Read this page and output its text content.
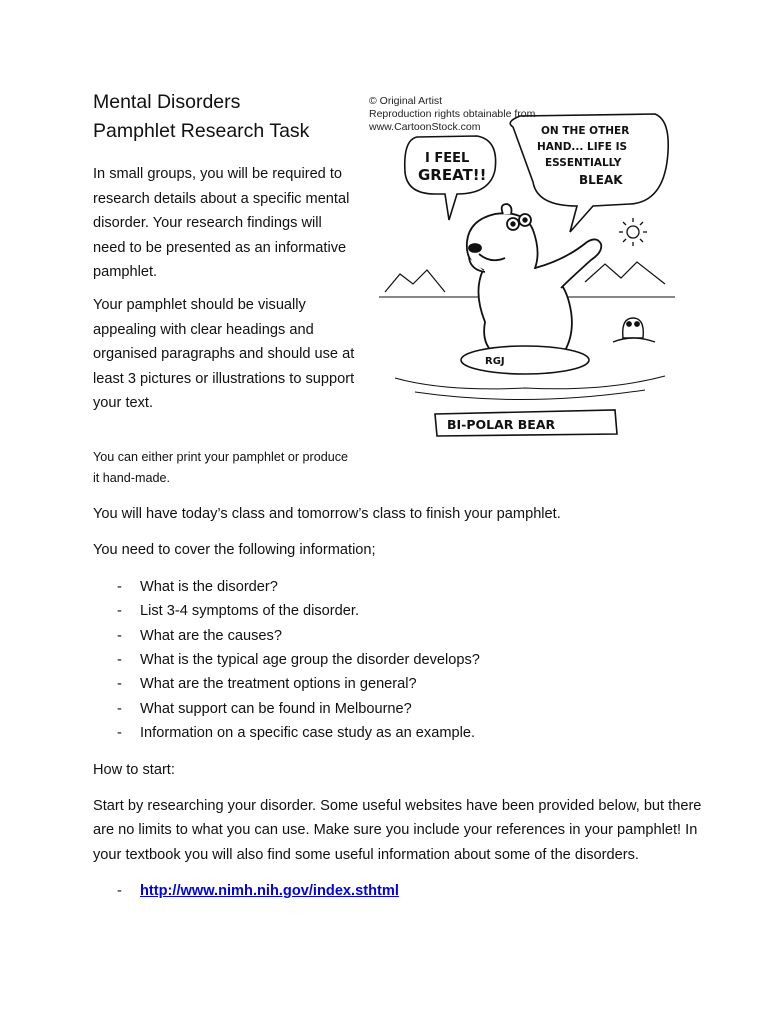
Mental Disorders
Pamphlet Research Task

In small groups, you will be required to research details about a specific mental disorder. Your research findings will need to be presented as an informative pamphlet.

Your pamphlet should be visually appealing with clear headings and organised paragraphs and should use at least 3 pictures or illustrations to support your text.

You can either print your pamphlet or produce it hand-made.
© Original Artist
Reproduction rights obtainable from
www.CartoonStock.com
I FEEL
GREAT!!
ON THE OTHER
HAND... LIFE IS
ESSENTIALLY
BLEAK
RGJ
BI-POLAR BEAR

You will have today’s class and tomorrow’s class to finish your pamphlet.

You need to cover the following information;

- What is the disorder?
- List 3-4 symptoms of the disorder.
- What are the causes?
- What is the typical age group the disorder develops?
- What are the treatment options in general?
- What support can be found in Melbourne?
- Information on a specific case study as an example.

How to start:

Start by researching your disorder. Some useful websites have been provided below, but there are no limits to what you can use. Make sure you include your references in your pamphlet! In your textbook you will also find some useful information about some of the disorders.

- http://www.nimh.nih.gov/index.sthtml
